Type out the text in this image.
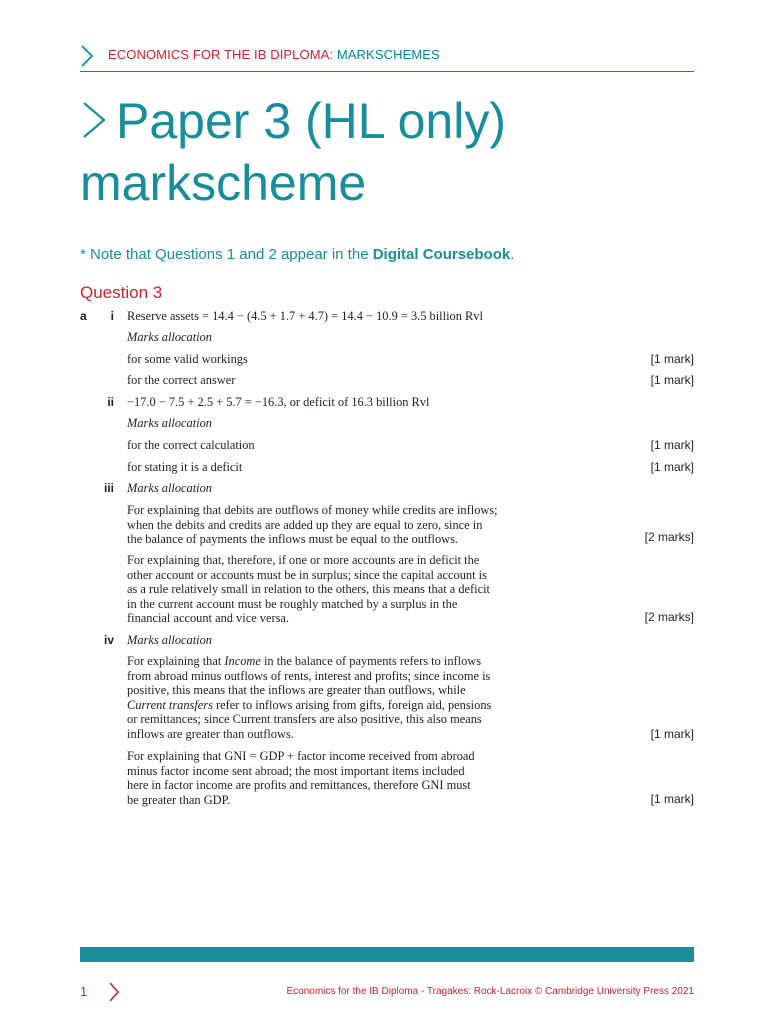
ECONOMICS FOR THE IB DIPLOMA: MARKSCHEMES
Paper 3 (HL only)
markscheme
* Note that Questions 1 and 2 appear in the Digital Coursebook.
Question 3
a	i Reserve assets = 14.4 − (4.5 + 1.7 + 4.7) = 14.4 − 10.9 = 3.5 billion Rvl
Marks allocation
for some valid workings	[1 mark]
for the correct answer	[1 mark]
ii −17.0 − 7.5 + 2.5 + 5.7 = −16.3, or deficit of 16.3 billion Rvl
Marks allocation
for the correct calculation	[1 mark]
for stating it is a deficit	[1 mark]
iii Marks allocation
For explaining that debits are outflows of money while credits are inflows;
when the debits and credits are added up they are equal to zero, since in
the balance of payments the inflows must be equal to the outflows.	[2 marks]
For explaining that, therefore, if one or more accounts are in deficit the
other account or accounts must be in surplus; since the capital account is
as a rule relatively small in relation to the others, this means that a deficit
in the current account must be roughly matched by a surplus in the
financial account and vice versa.	[2 marks]
iv Marks allocation
For explaining that Income in the balance of payments refers to inflows
from abroad minus outflows of rents, interest and profits; since income is
positive, this means that the inflows are greater than outflows, while
Current transfers refer to inflows arising from gifts, foreign aid, pensions
or remittances; since Current transfers are also positive, this also means
inflows are greater than outflows.	[1 mark]
For explaining that GNI = GDP + factor income received from abroad
minus factor income sent abroad; the most important items included
here in factor income are profits and remittances, therefore GNI must
be greater than GDP.	[1 mark]
1	Economics for the IB Diploma - Tragakes: Rock-Lacroix © Cambridge University Press 2021
